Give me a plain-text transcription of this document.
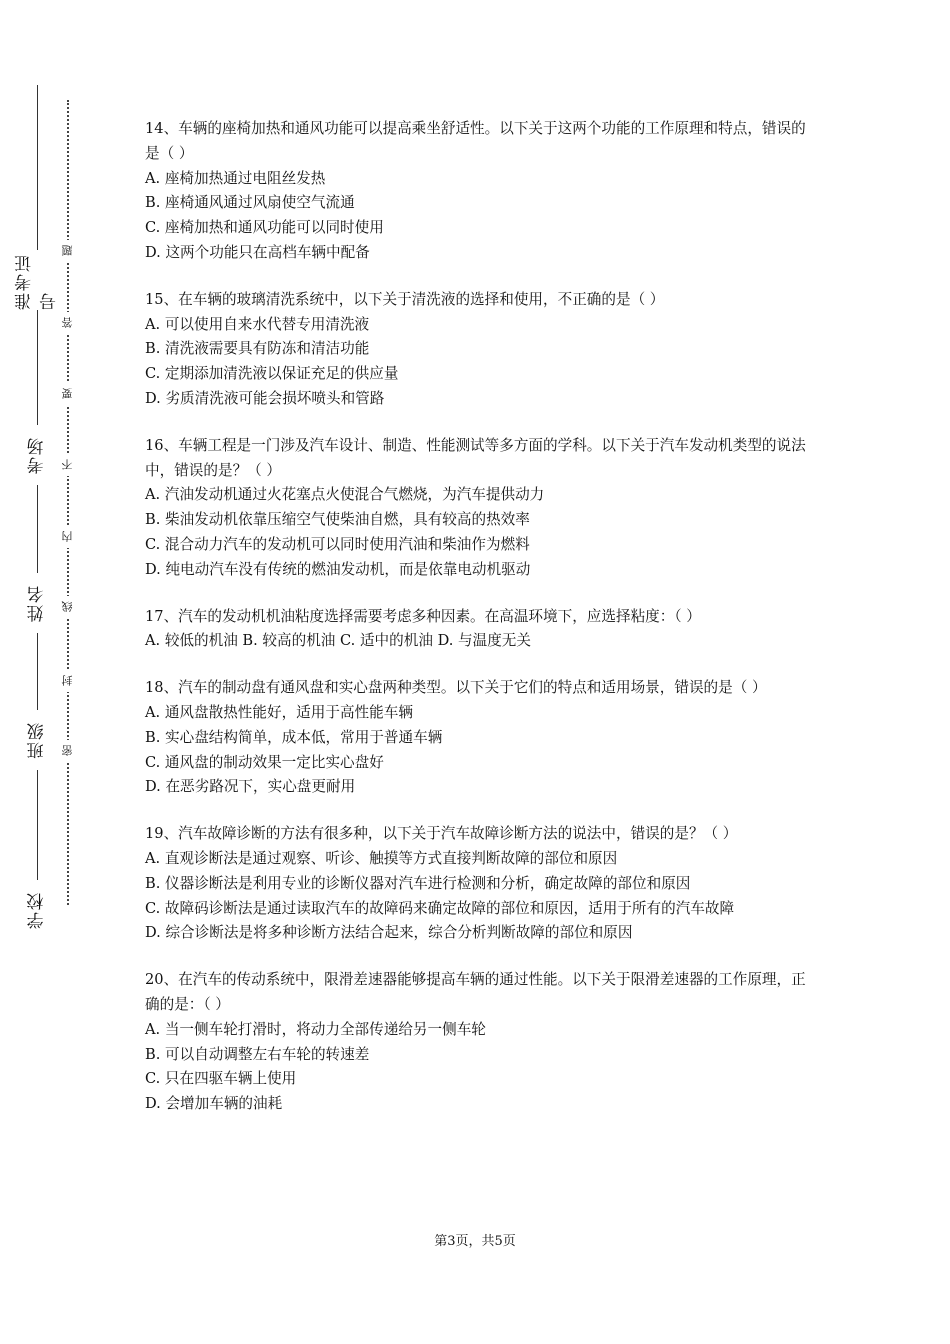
准考证号
考场
姓名
班级
学校
题
答
要
不
内
线
封
密
14、车辆的座椅加热和通风功能可以提高乘坐舒适性。以下关于这两个功能的工作原理和特点，错误的是（ ）
A. 座椅加热通过电阻丝发热
B. 座椅通风通过风扇使空气流通
C. 座椅加热和通风功能可以同时使用
D. 这两个功能只在高档车辆中配备
15、在车辆的玻璃清洗系统中，以下关于清洗液的选择和使用，不正确的是（ ）
A. 可以使用自来水代替专用清洗液
B. 清洗液需要具有防冻和清洁功能
C. 定期添加清洗液以保证充足的供应量
D. 劣质清洗液可能会损坏喷头和管路
16、车辆工程是一门涉及汽车设计、制造、性能测试等多方面的学科。以下关于汽车发动机类型的说法中，错误的是？（ ）
A. 汽油发动机通过火花塞点火使混合气燃烧，为汽车提供动力
B. 柴油发动机依靠压缩空气使柴油自燃，具有较高的热效率
C. 混合动力汽车的发动机可以同时使用汽油和柴油作为燃料
D. 纯电动汽车没有传统的燃油发动机，而是依靠电动机驱动
17、汽车的发动机机油粘度选择需要考虑多种因素。在高温环境下，应选择粘度：（ ）
A. 较低的机油 B. 较高的机油 C. 适中的机油 D. 与温度无关
18、汽车的制动盘有通风盘和实心盘两种类型。以下关于它们的特点和适用场景，错误的是（ ）
A. 通风盘散热性能好，适用于高性能车辆
B. 实心盘结构简单，成本低，常用于普通车辆
C. 通风盘的制动效果一定比实心盘好
D. 在恶劣路况下，实心盘更耐用
19、汽车故障诊断的方法有很多种，以下关于汽车故障诊断方法的说法中，错误的是？（ ）
A. 直观诊断法是通过观察、听诊、触摸等方式直接判断故障的部位和原因
B. 仪器诊断法是利用专业的诊断仪器对汽车进行检测和分析，确定故障的部位和原因
C. 故障码诊断法是通过读取汽车的故障码来确定故障的部位和原因，适用于所有的汽车故障
D. 综合诊断法是将多种诊断方法结合起来，综合分析判断故障的部位和原因
20、在汽车的传动系统中，限滑差速器能够提高车辆的通过性能。以下关于限滑差速器的工作原理，正确的是：（ ）
A. 当一侧车轮打滑时，将动力全部传递给另一侧车轮
B. 可以自动调整左右车轮的转速差
C. 只在四驱车辆上使用
D. 会增加车辆的油耗
第3页，共5页
